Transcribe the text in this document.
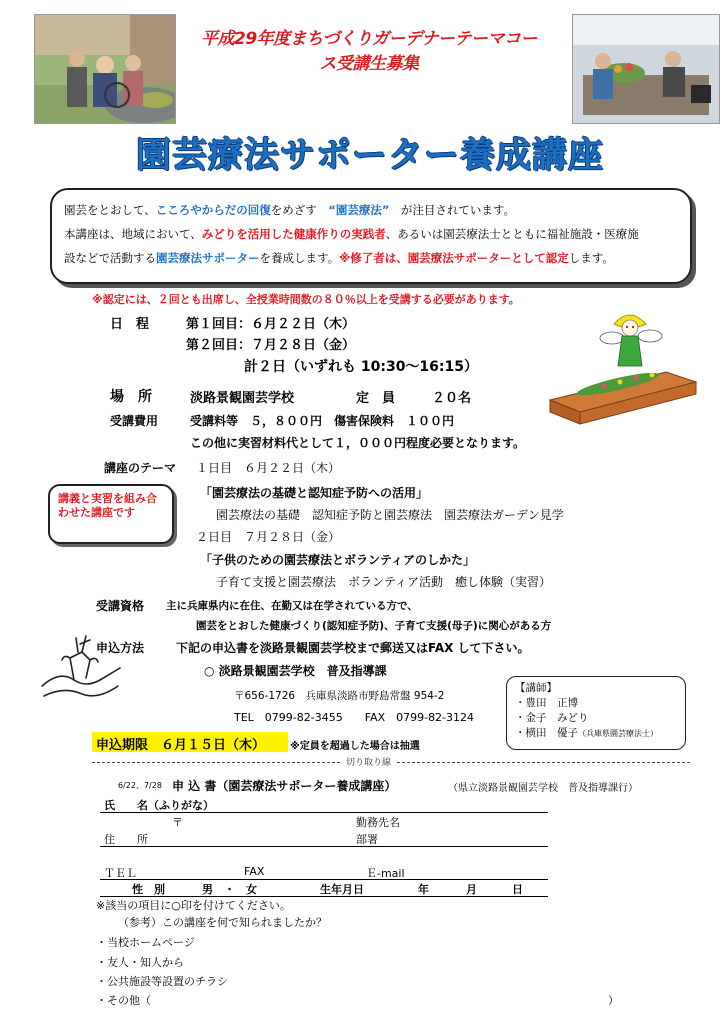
平成29年度まちづくりガーデナーテーマコース受講生募集
園芸療法サポーター養成講座
園芸をとおして、こころやからだの回復をめざす　“園芸療法”　が注目されています。
本講座は、地域において、みどりを活用した健康作りの実践者、あるいは園芸療法士とともに福祉施設・医療施
設などで活動する園芸療法サポーターを養成します。※修了者は、園芸療法サポーターとして認定します。
※認定には、２回とも出席し、全授業時間数の８０％以上を受講する必要があります。
日　程	第１回目：６月２２日（木）
第２回目：７月２８日（金）
計２日（いずれも 10:30～16:15）
場　所	淡路景観園芸学校	定　員	２０名
受講費用	受講料等　５，８００円　傷害保険料　１００円
この他に実習材料代として１，０００円程度必要となります。
講座のテーマ １日目　６月２２日（木）
「園芸療法の基礎と認知症予防への活用」
園芸療法の基礎　認知症予防と園芸療法　園芸療法ガーデン見学
２日目　７月２８日（金）
「子供のための園芸療法とボランティアのしかた」
子育て支援と園芸療法　ボランティア活動　癒し体験（実習）
講義と実習を組み合わせた講座です
受講資格 主に兵庫県内に在住、在勤又は在学されている方で、
園芸をとおした健康づくり(認知症予防)、子育て支援(母子)に関心がある方
申込方法	下記の申込書を淡路景観園芸学校まで郵送又はFAX して下さい。
○ 淡路景観園芸学校　普及指導課
〒656-1726　兵庫県淡路市野島常盤 954-2
TEL　0799-82-3455　　FAX　0799-82-3124
【講師】
・豊田　正博
・金子　みどり
・横田　優子（兵庫県園芸療法士）
申込期限　６月１５日（木） ※定員を超過した場合は抽選
切り取り線
6/22、7/28 申 込 書（園芸療法サポーター養成講座）	（県立淡路景観園芸学校　普及指導課行）
氏　　名（ふりがな）
〒	勤務先名
住　　所	部署
ＴＥＬ	FAX	Ｅ-mail
性　別	男　・　女	生年月日	年	月	日
※該当の項目に○印を付けてください。
（参考）この講座を何で知られましたか？
・当校ホームページ
・友人・知人から
・公共施設等設置のチラシ
・その他（	）
